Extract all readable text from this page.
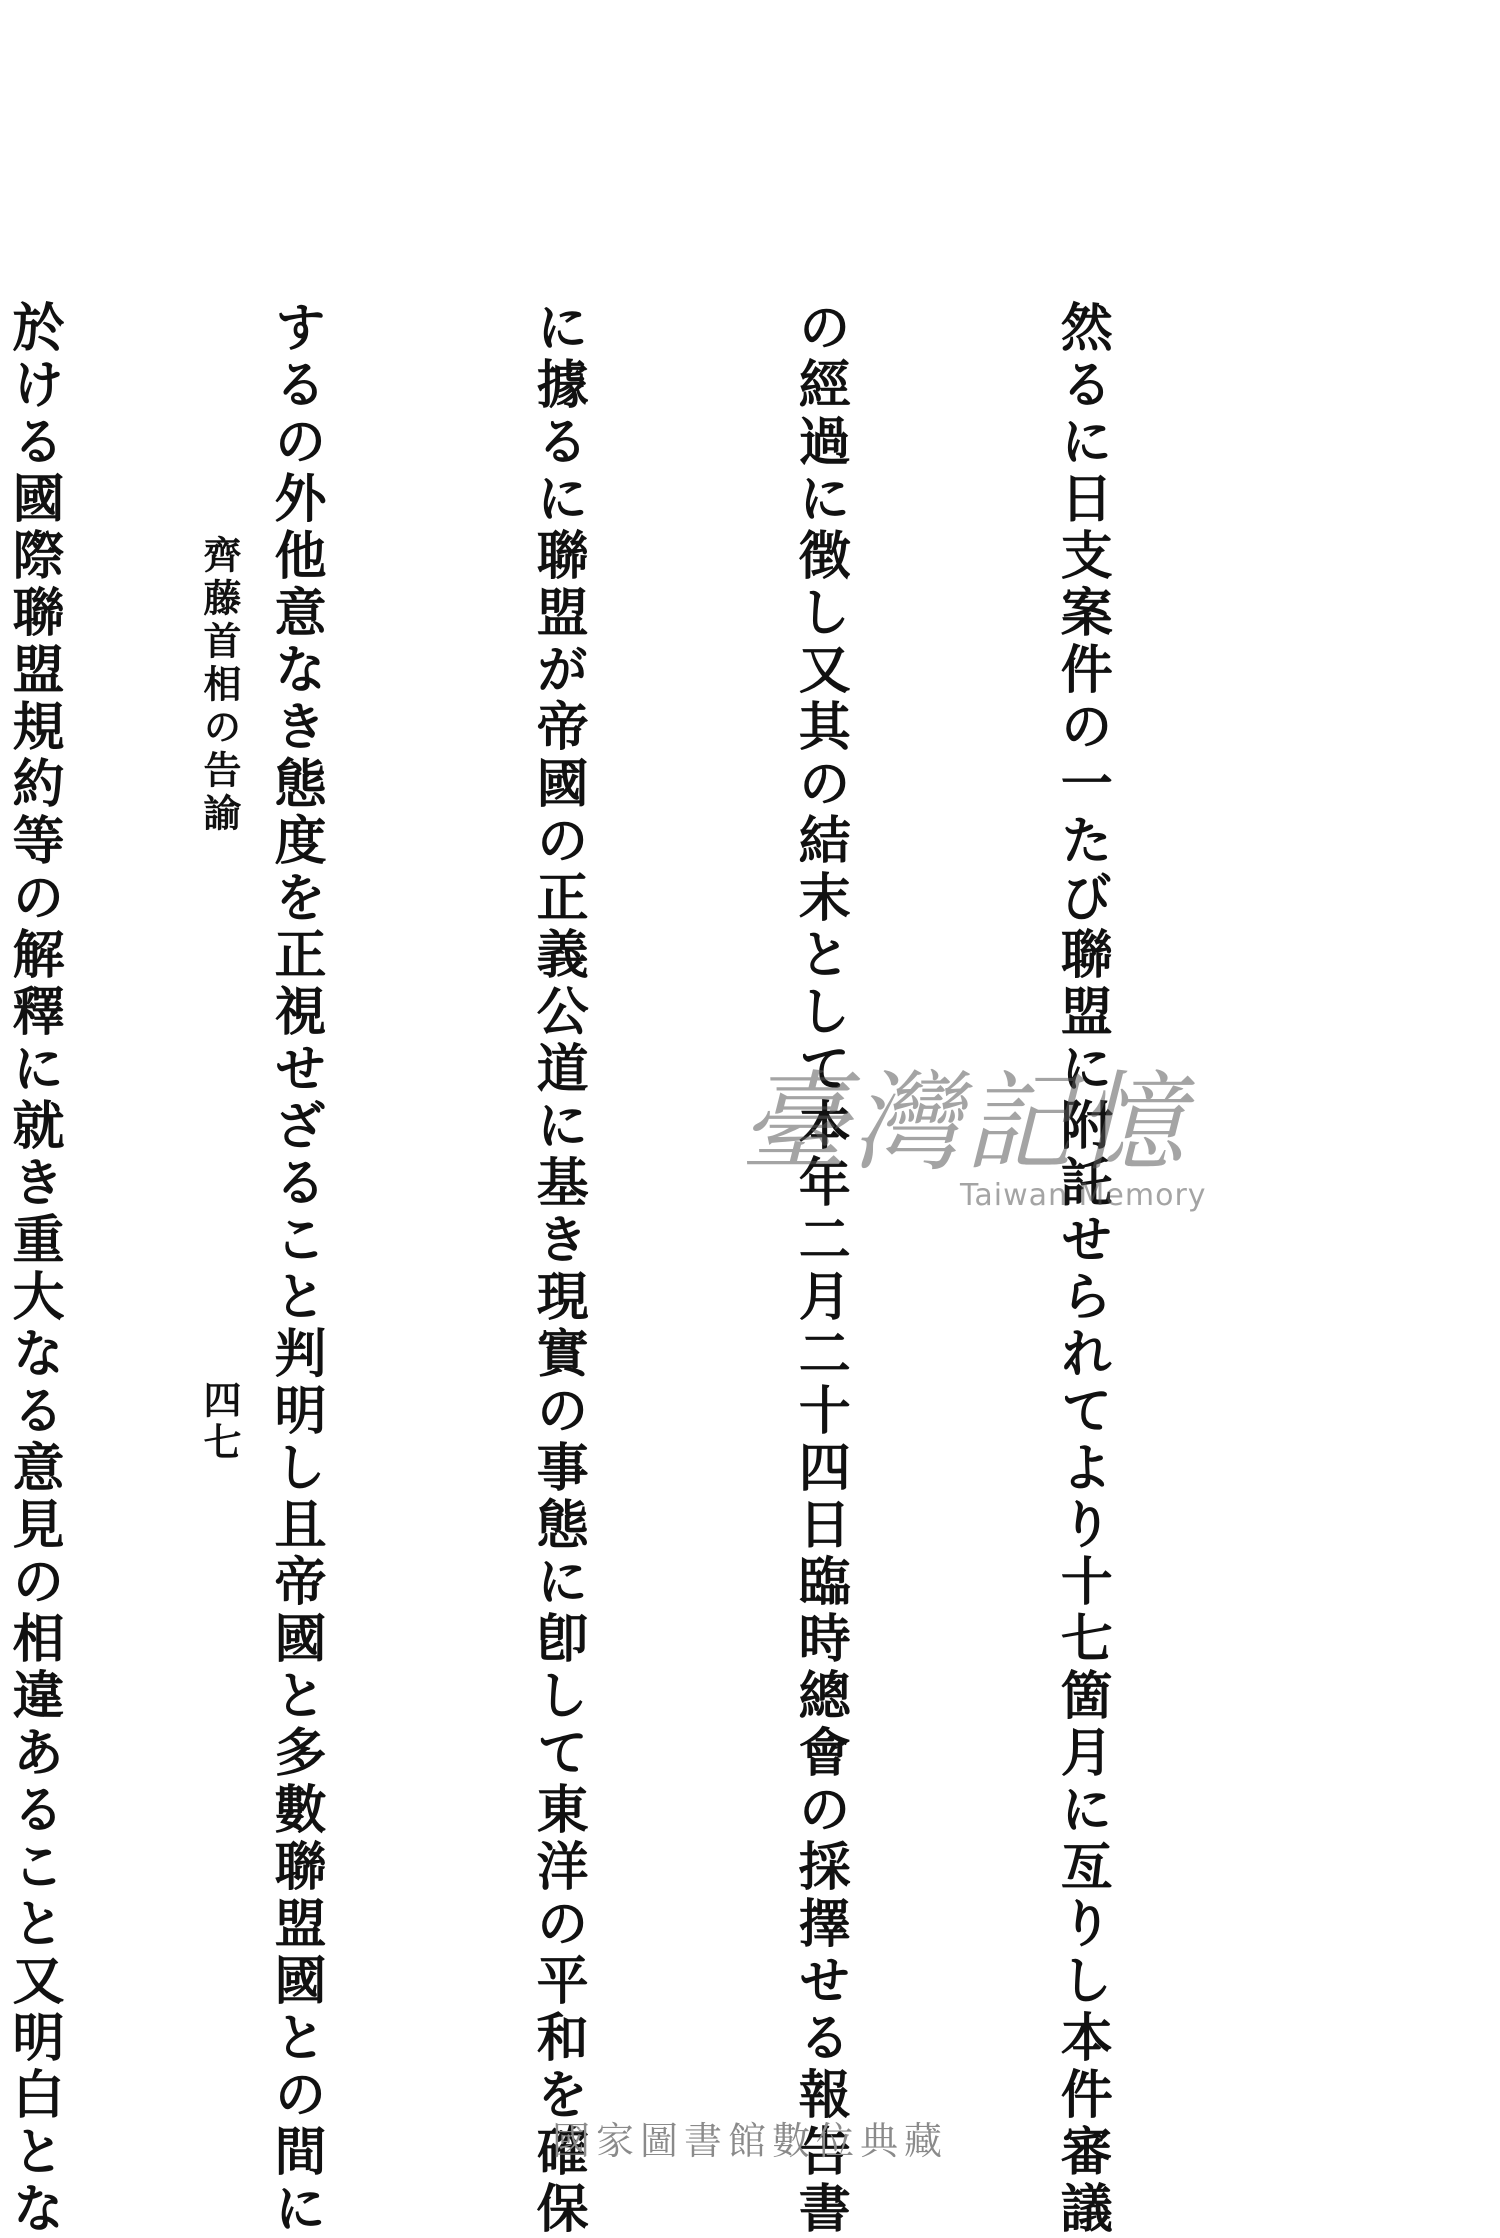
然るに日支案件の一たび聯盟に附託せられてより十七箇月に亙りし本件審議

の經過に徴し又其の結末として本年二月二十四日臨時總會の採擇せる報告書

に據るに聯盟が帝國の正義公道に基き現實の事態に卽して東洋の平和を確保

するの外他意なき態度を正視せざること判明し且帝國と多數聯盟國との間に

於ける國際聯盟規約等の解釋に就き重大なる意見の相違あること又明白とな

	齊藤首相の告諭
四七
臺灣記憶
Taiwan Memory
國家圖書館數位典藏
